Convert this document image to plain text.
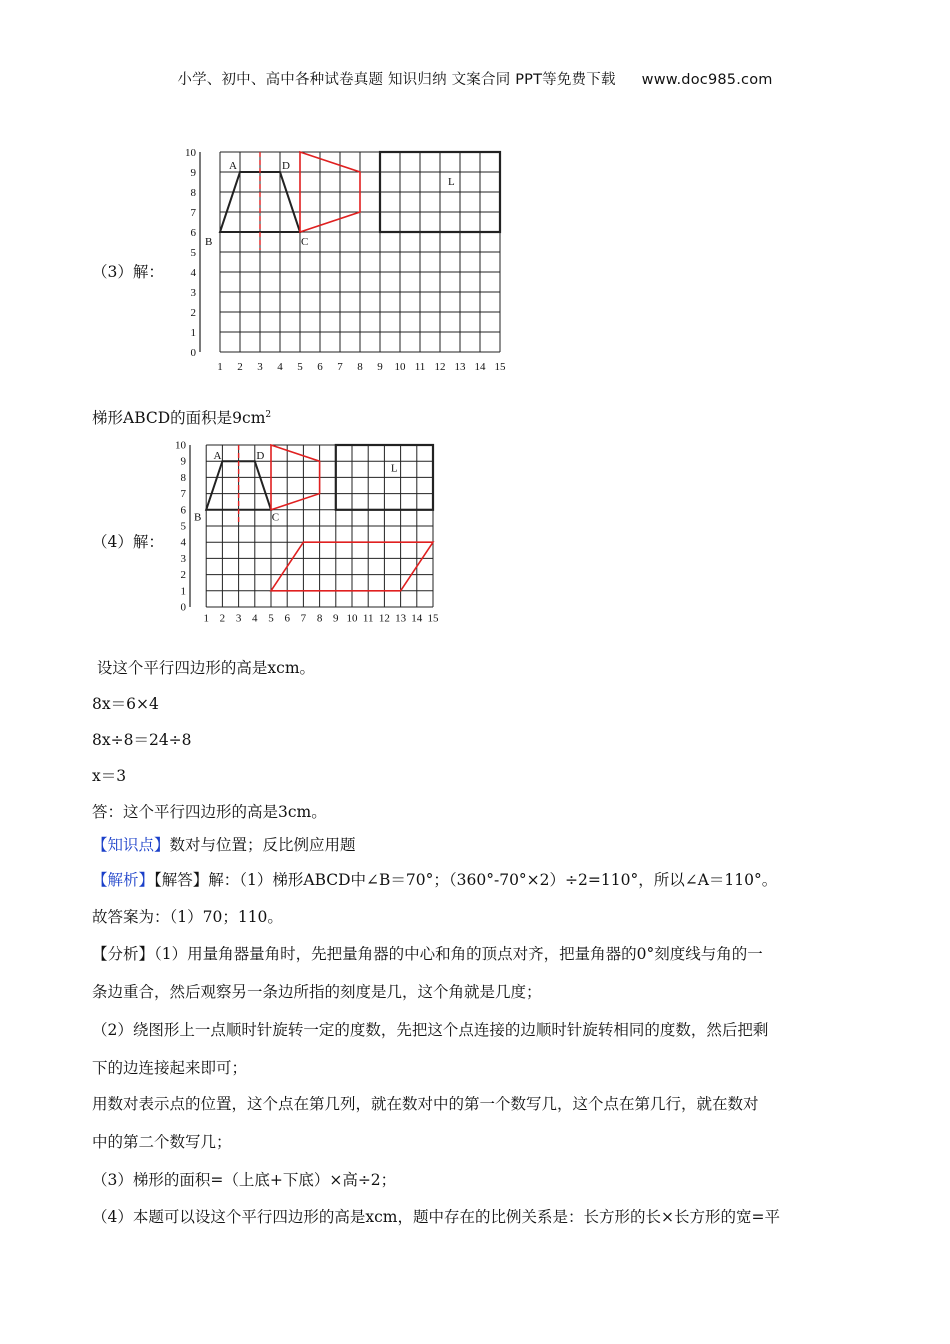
小学、初中、高中各种试卷真题 知识归纳 文案合同 PPT等免费下载 www.doc985.com
（3）解：
1 2 3 4 5 6 7 8 9 10 11 12 13 14 15
0
1
2
3
4
5
6
7
8
9
10
A	D
B	C
L
梯形ABCD的面积是$9cm^2$
（4）解：
1 2 3 4 5 6 7 8 9 10 11 12 13 14 15
0
1
2
3
4
5
6
7
8
9
10
A	D
B	C
L
设这个平行四边形的高是xcm。
8x＝6×4
8x÷8＝24÷8
x＝3
答：这个平行四边形的高是3cm。
【知识点】数对与位置；反比例应用题
【解析】【解答】解：（1）梯形ABCD中∠B＝70°；（360°-70°×2）÷2=110°，所以∠A＝110°。
故答案为：（1）70；110。
【分析】（1）用量角器量角时，先把量角器的中心和角的顶点对齐，把量角器的0°刻度线与角的一
条边重合，然后观察另一条边所指的刻度是几，这个角就是几度；
（2）绕图形上一点顺时针旋转一定的度数，先把这个点连接的边顺时针旋转相同的度数，然后把剩
下的边连接起来即可；
用数对表示点的位置，这个点在第几列，就在数对中的第一个数写几，这个点在第几行，就在数对
中的第二个数写几；
（3）梯形的面积=（上底+下底）×高÷2；
（4）本题可以设这个平行四边形的高是xcm，题中存在的比例关系是：长方形的长×长方形的宽=平
